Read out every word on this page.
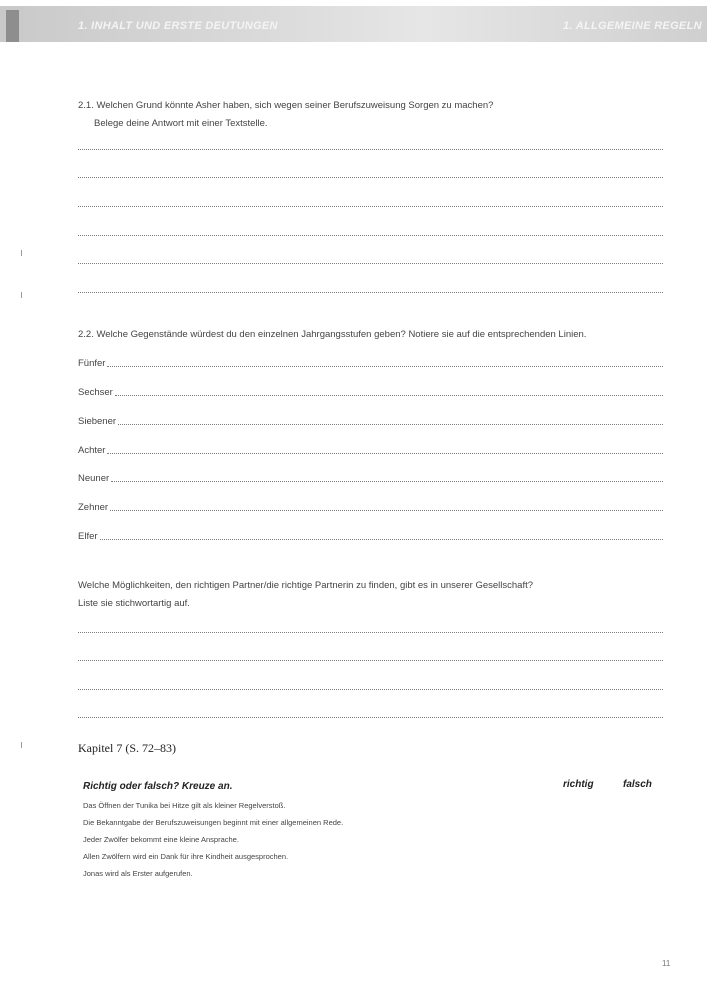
1. INHALT UND ERSTE DEUTUNGEN	1. ALLGEMEINE REGELN
2.1. Welchen Grund könnte Asher haben, sich wegen seiner Berufszuweisung Sorgen zu machen?
Belege deine Antwort mit einer Textstelle.
2.2. Welche Gegenstände würdest du den einzelnen Jahrgangsstufen geben? Notiere sie auf die entsprechenden Linien.
Fünfer
Sechser
Siebener
Achter
Neuner
Zehner
Elfer
Welche Möglichkeiten, den richtigen Partner/die richtige Partnerin zu finden, gibt es in unserer Gesellschaft?
Liste sie stichwortartig auf.
Kapitel 7 (S. 72–83)
Richtig oder falsch? Kreuze an.	richtig	falsch
Das Öffnen der Tunika bei Hitze gilt als kleiner Regelverstoß.
Die Bekanntgabe der Berufszuweisungen beginnt mit einer allgemeinen Rede.
Jeder Zwölfer bekommt eine kleine Ansprache.
Allen Zwölfern wird ein Dank für ihre Kindheit ausgesprochen.
Jonas wird als Erster aufgerufen.
11
